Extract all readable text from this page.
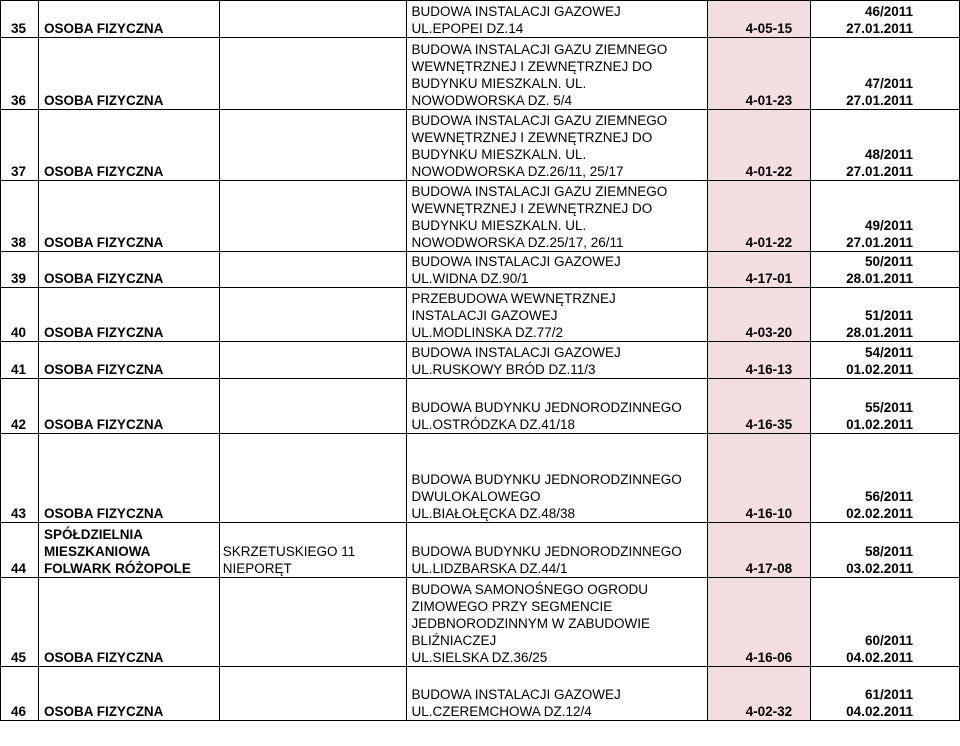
35	OSOBA FIZYCZNA		BUDOWA INSTALACJI GAZOWEJ
UL.EPOPEI DZ.14	4-05-15	46/2011
27.01.2011

36	OSOBA FIZYCZNA		BUDOWA INSTALACJI GAZU ZIEMNEGO
WEWNĘTRZNEJ I ZEWNĘTRZNEJ DO
BUDYNKU MIESZKALN. UL.
NOWODWORSKA DZ. 5/4	4-01-23	47/2011
27.01.2011

37	OSOBA FIZYCZNA		BUDOWA INSTALACJI GAZU ZIEMNEGO
WEWNĘTRZNEJ I ZEWNĘTRZNEJ DO
BUDYNKU MIESZKALN. UL.
NOWODWORSKA DZ.26/11, 25/17	4-01-22	48/2011
27.01.2011

38	OSOBA FIZYCZNA		BUDOWA INSTALACJI GAZU ZIEMNEGO
WEWNĘTRZNEJ I ZEWNĘTRZNEJ DO
BUDYNKU MIESZKALN. UL.
NOWODWORSKA DZ.25/17, 26/11	4-01-22	49/2011
27.01.2011

39	OSOBA FIZYCZNA		BUDOWA INSTALACJI GAZOWEJ
UL.WIDNA DZ.90/1	4-17-01	50/2011
28.01.2011

40	OSOBA FIZYCZNA		PRZEBUDOWA WEWNĘTRZNEJ
INSTALACJI GAZOWEJ
UL.MODLINSKA DZ.77/2	4-03-20	51/2011
28.01.2011

41	OSOBA FIZYCZNA		BUDOWA INSTALACJI GAZOWEJ
UL.RUSKOWY BRÓD DZ.11/3	4-16-13	54/2011
01.02.2011

42	OSOBA FIZYCZNA		BUDOWA BUDYNKU JEDNORODZINNEGO
UL.OSTRÓDZKA DZ.41/18	4-16-35	55/2011
01.02.2011

43	OSOBA FIZYCZNA		BUDOWA BUDYNKU JEDNORODZINNEGO
DWULOKALOWEGO
UL.BIAŁOŁĘCKA DZ.48/38	4-16-10	56/2011
02.02.2011

44	SPÓŁDZIELNIA
MIESZKANIOWA
FOLWARK RÓŻOPOLE	SKRZETUSKIEGO 11
NIEPORĘT	BUDOWA BUDYNKU JEDNORODZINNEGO
UL.LIDZBARSKA DZ.44/1	4-17-08	58/2011
03.02.2011

45	OSOBA FIZYCZNA		BUDOWA SAMONOŚNEGO OGRODU
ZIMOWEGO PRZY SEGMENCIE
JEDBNORODZINNYM W ZABUDOWIE
BLIŹNIACZEJ
UL.SIELSKA DZ.36/25	4-16-06	60/2011
04.02.2011

46	OSOBA FIZYCZNA		BUDOWA INSTALACJI GAZOWEJ
UL.CZEREMCHOWA DZ.12/4	4-02-32	61/2011
04.02.2011
